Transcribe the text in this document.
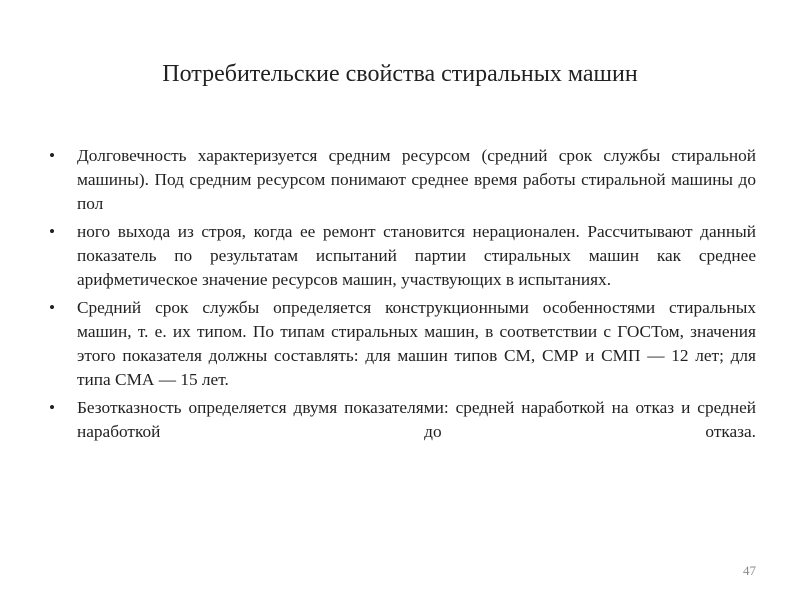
Потребительские свойства стиральных машин
•	Долговечность характеризуется средним ресурсом (средний срок службы стиральной машины). Под средним ресурсом понимают среднее время работы стиральной машины до пол
•	ного выхода из строя, когда ее ремонт становится нерационален. Рассчитывают данный показатель по результатам испытаний партии стиральных машин как среднее арифметическое значение ресурсов машин, участвующих в испытаниях.
•	Средний срок службы определяется конструкционными особенностями стиральных машин, т. е. их типом. По типам стиральных машин, в соответствии с ГОСТом, значения этого показателя должны составлять: для машин типов СМ, СМР и СМП — 12 лет; для типа СМА — 15 лет.
•	Безотказность определяется двумя показателями: средней наработкой на отказ и средней наработкой до отказа.
47
